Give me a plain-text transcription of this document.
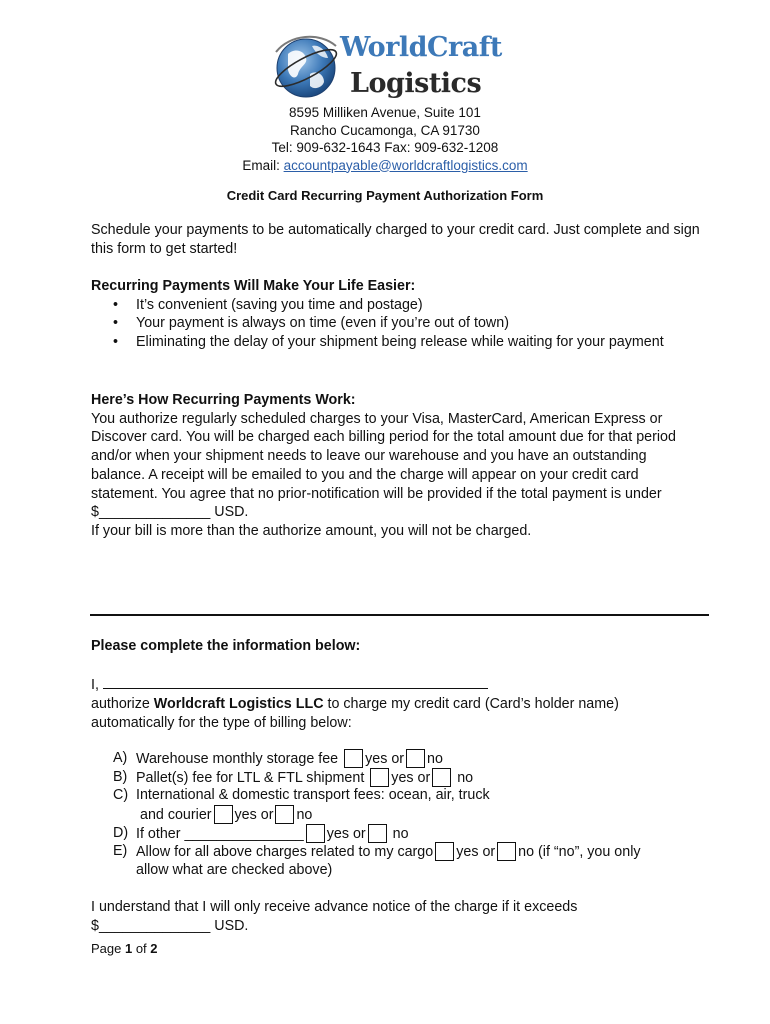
WorldCraft
Logistics
8595 Milliken Avenue, Suite 101
Rancho Cucamonga, CA 91730
Tel: 909-632-1643 Fax: 909-632-1208
Email: accountpayable@worldcraftlogistics.com
Credit Card Recurring Payment Authorization Form
Schedule your payments to be automatically charged to your credit card. Just complete and sign this form to get started!
Recurring Payments Will Make Your Life Easier:
• It’s convenient (saving you time and postage)
• Your payment is always on time (even if you’re out of town)
• Eliminating the delay of your shipment being release while waiting for your payment
Here’s How Recurring Payments Work:
You authorize regularly scheduled charges to your Visa, MasterCard, American Express or Discover card. You will be charged each billing period for the total amount due for that period and/or when your shipment needs to leave our warehouse and you have an outstanding balance. A receipt will be emailed to you and the charge will appear on your credit card statement. You agree that no prior-notification will be provided if the total payment is under $______________ USD.
If your bill is more than the authorize amount, you will not be charged.
Please complete the information below:
I,
authorize Worldcraft Logistics LLC to charge my credit card (Card’s holder name)
automatically for the type of billing below:
A) Warehouse monthly storage fee yes or no
B) Pallet(s) fee for LTL & FTL shipment yes or no
C) International & domestic transport fees: ocean, air, truck
and courier yes or no
D) If other _______________ yes or no
E) Allow for all above charges related to my cargo yes or no (if “no”, you only
allow what are checked above)
I understand that I will only receive advance notice of the charge if it exceeds
$______________ USD.
Page 1 of 2
